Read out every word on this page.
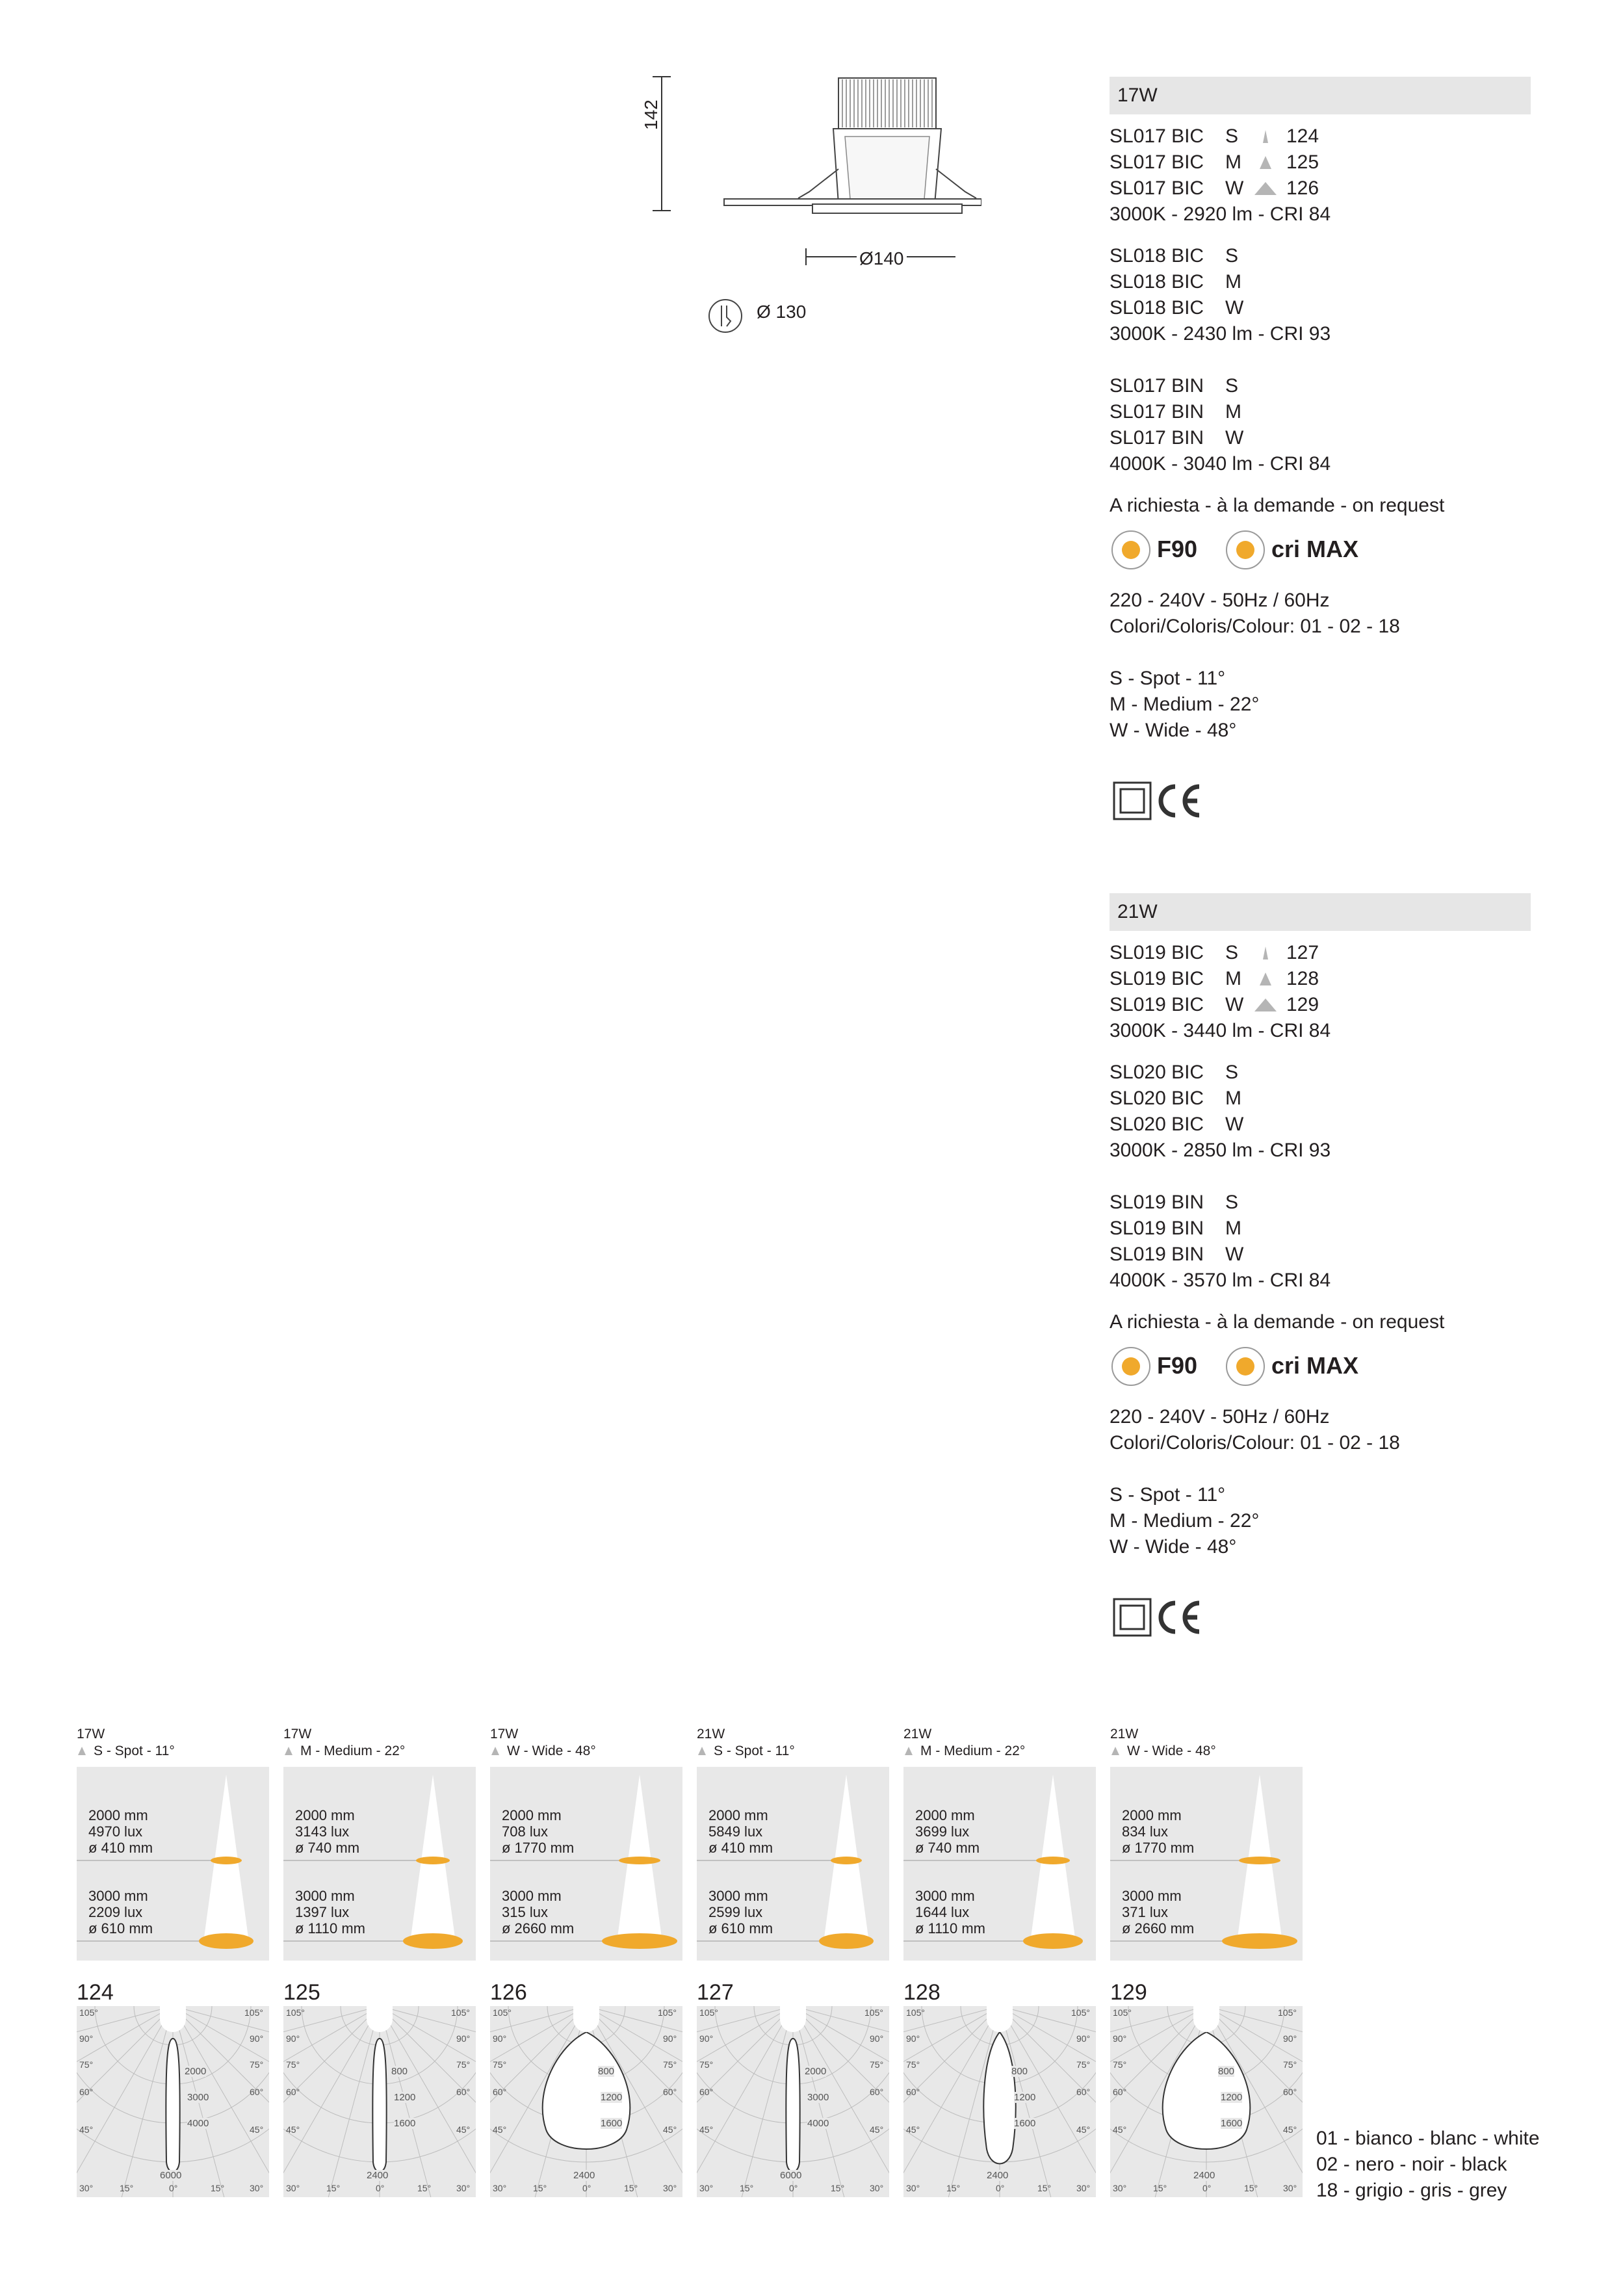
142
Ø140
Ø 130
17W
SL017 BIC S 124
SL017 BIC M 125
SL017 BIC W 126
3000K - 2920 lm - CRI 84
SL018 BIC S
SL018 BIC M
SL018 BIC W
3000K - 2430 lm - CRI 93
SL017 BIN S
SL017 BIN M
SL017 BIN W
4000K - 3040 lm - CRI 84
A richiesta - à la demande - on request
F90	cri MAX
220 - 240V - 50Hz / 60Hz
Colori/Coloris/Colour: 01 - 02 - 18
S - Spot - 11°
M - Medium - 22°
W - Wide - 48°
21W
SL019 BIC S 127
SL019 BIC M 128
SL019 BIC W 129
3000K - 3440 lm - CRI 84
SL020 BIC S
SL020 BIC M
SL020 BIC W
3000K - 2850 lm - CRI 93
SL019 BIN S
SL019 BIN M
SL019 BIN W
4000K - 3570 lm - CRI 84
A richiesta - à la demande - on request
F90	cri MAX
220 - 240V - 50Hz / 60Hz
Colori/Coloris/Colour: 01 - 02 - 18
S - Spot - 11°
M - Medium - 22°
W - Wide - 48°
17W
S - Spot - 11°
2000 mm
4970 lux
ø 410 mm
3000 mm
2209 lux
ø 610 mm
124
105°	105°
90°	90°
75°	75°
60°	60°
45°	45°
30°	30°
15°	15°
0°
2000
3000
4000
6000
17W
M - Medium - 22°
2000 mm
3143 lux
ø 740 mm
3000 mm
1397 lux
ø 1110 mm
125
105°	105°
90°	90°
75°	75°
60°	60°
45°	45°
30°	30°
15°	15°
0°
800
1200
1600
2400
17W
W - Wide - 48°
2000 mm
708 lux
ø 1770 mm
3000 mm
315 lux
ø 2660 mm
126
105°	105°
90°	90°
75°	75°
60°	60°
45°	45°
30°	30°
15°	15°
0°
800
1200
1600
2400
21W
S - Spot - 11°
2000 mm
5849 lux
ø 410 mm
3000 mm
2599 lux
ø 610 mm
127
105°	105°
90°	90°
75°	75°
60°	60°
45°	45°
30°	30°
15°	15°
0°
2000
3000
4000
6000
21W
M - Medium - 22°
2000 mm
3699 lux
ø 740 mm
3000 mm
1644 lux
ø 1110 mm
128
105°	105°
90°	90°
75°	75°
60°	60°
45°	45°
30°	30°
15°	15°
0°
800
1200
1600
2400
21W
W - Wide - 48°
2000 mm
834 lux
ø 1770 mm
3000 mm
371 lux
ø 2660 mm
129
105°	105°
90°	90°
75°	75°
60°	60°
45°	45°
30°	30°
15°	15°
0°
800
1200
1600
2400
01 - bianco - blanc - white
02 - nero - noir - black
18 - grigio - gris - grey
